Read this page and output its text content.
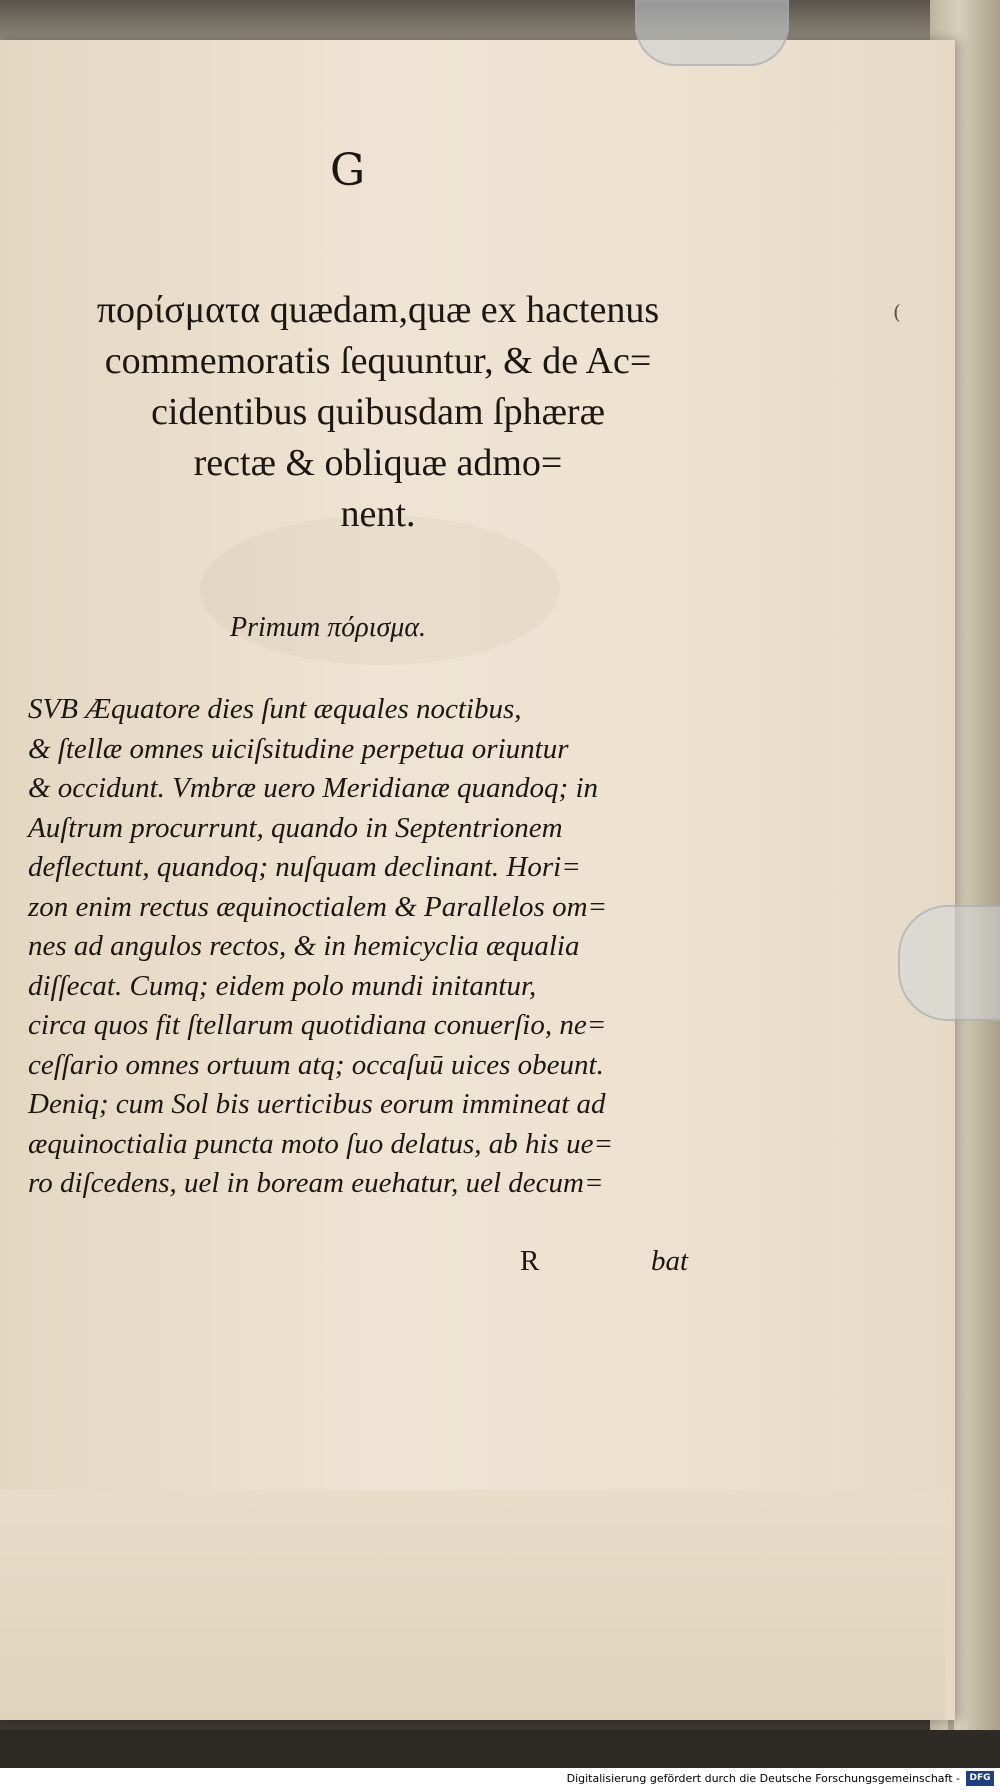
G
πορίσματα quædam,quæ ex hactenus
commemoratis ſequuntur, & de Ac=
cidentibus quibusdam ſphæræ
rectæ & obliquæ admo=
nent.
Primum πόρισμα.
SVB Æquatore dies ſunt æquales noctibus,
& ſtellæ omnes uiciſsitudine perpetua oriuntur
& occidunt. Vmbræ uero Meridianæ quandoq; in
Auſtrum procurrunt, quando in Septentrionem
deflectunt, quandoq; nuſquam declinant. Hori=
zon enim rectus æquinoctialem & Parallelos om=
nes ad angulos rectos, & in hemicyclia æqualia
diſſecat. Cumq; eidem polo mundi initantur,
circa quos fit ſtellarum quotidiana conuerſio, ne=
ceſſario omnes ortuum atq; occaſuū uices obeunt.
Deniq; cum Sol bis uerticibus eorum immineat ad
æquinoctialia puncta moto ſuo delatus, ab his ue=
ro diſcedens, uel in boream euehatur, uel decum=
R	bat
(
Digitalisierung gefördert durch die Deutsche Forschungsgemeinschaft -	DFG
